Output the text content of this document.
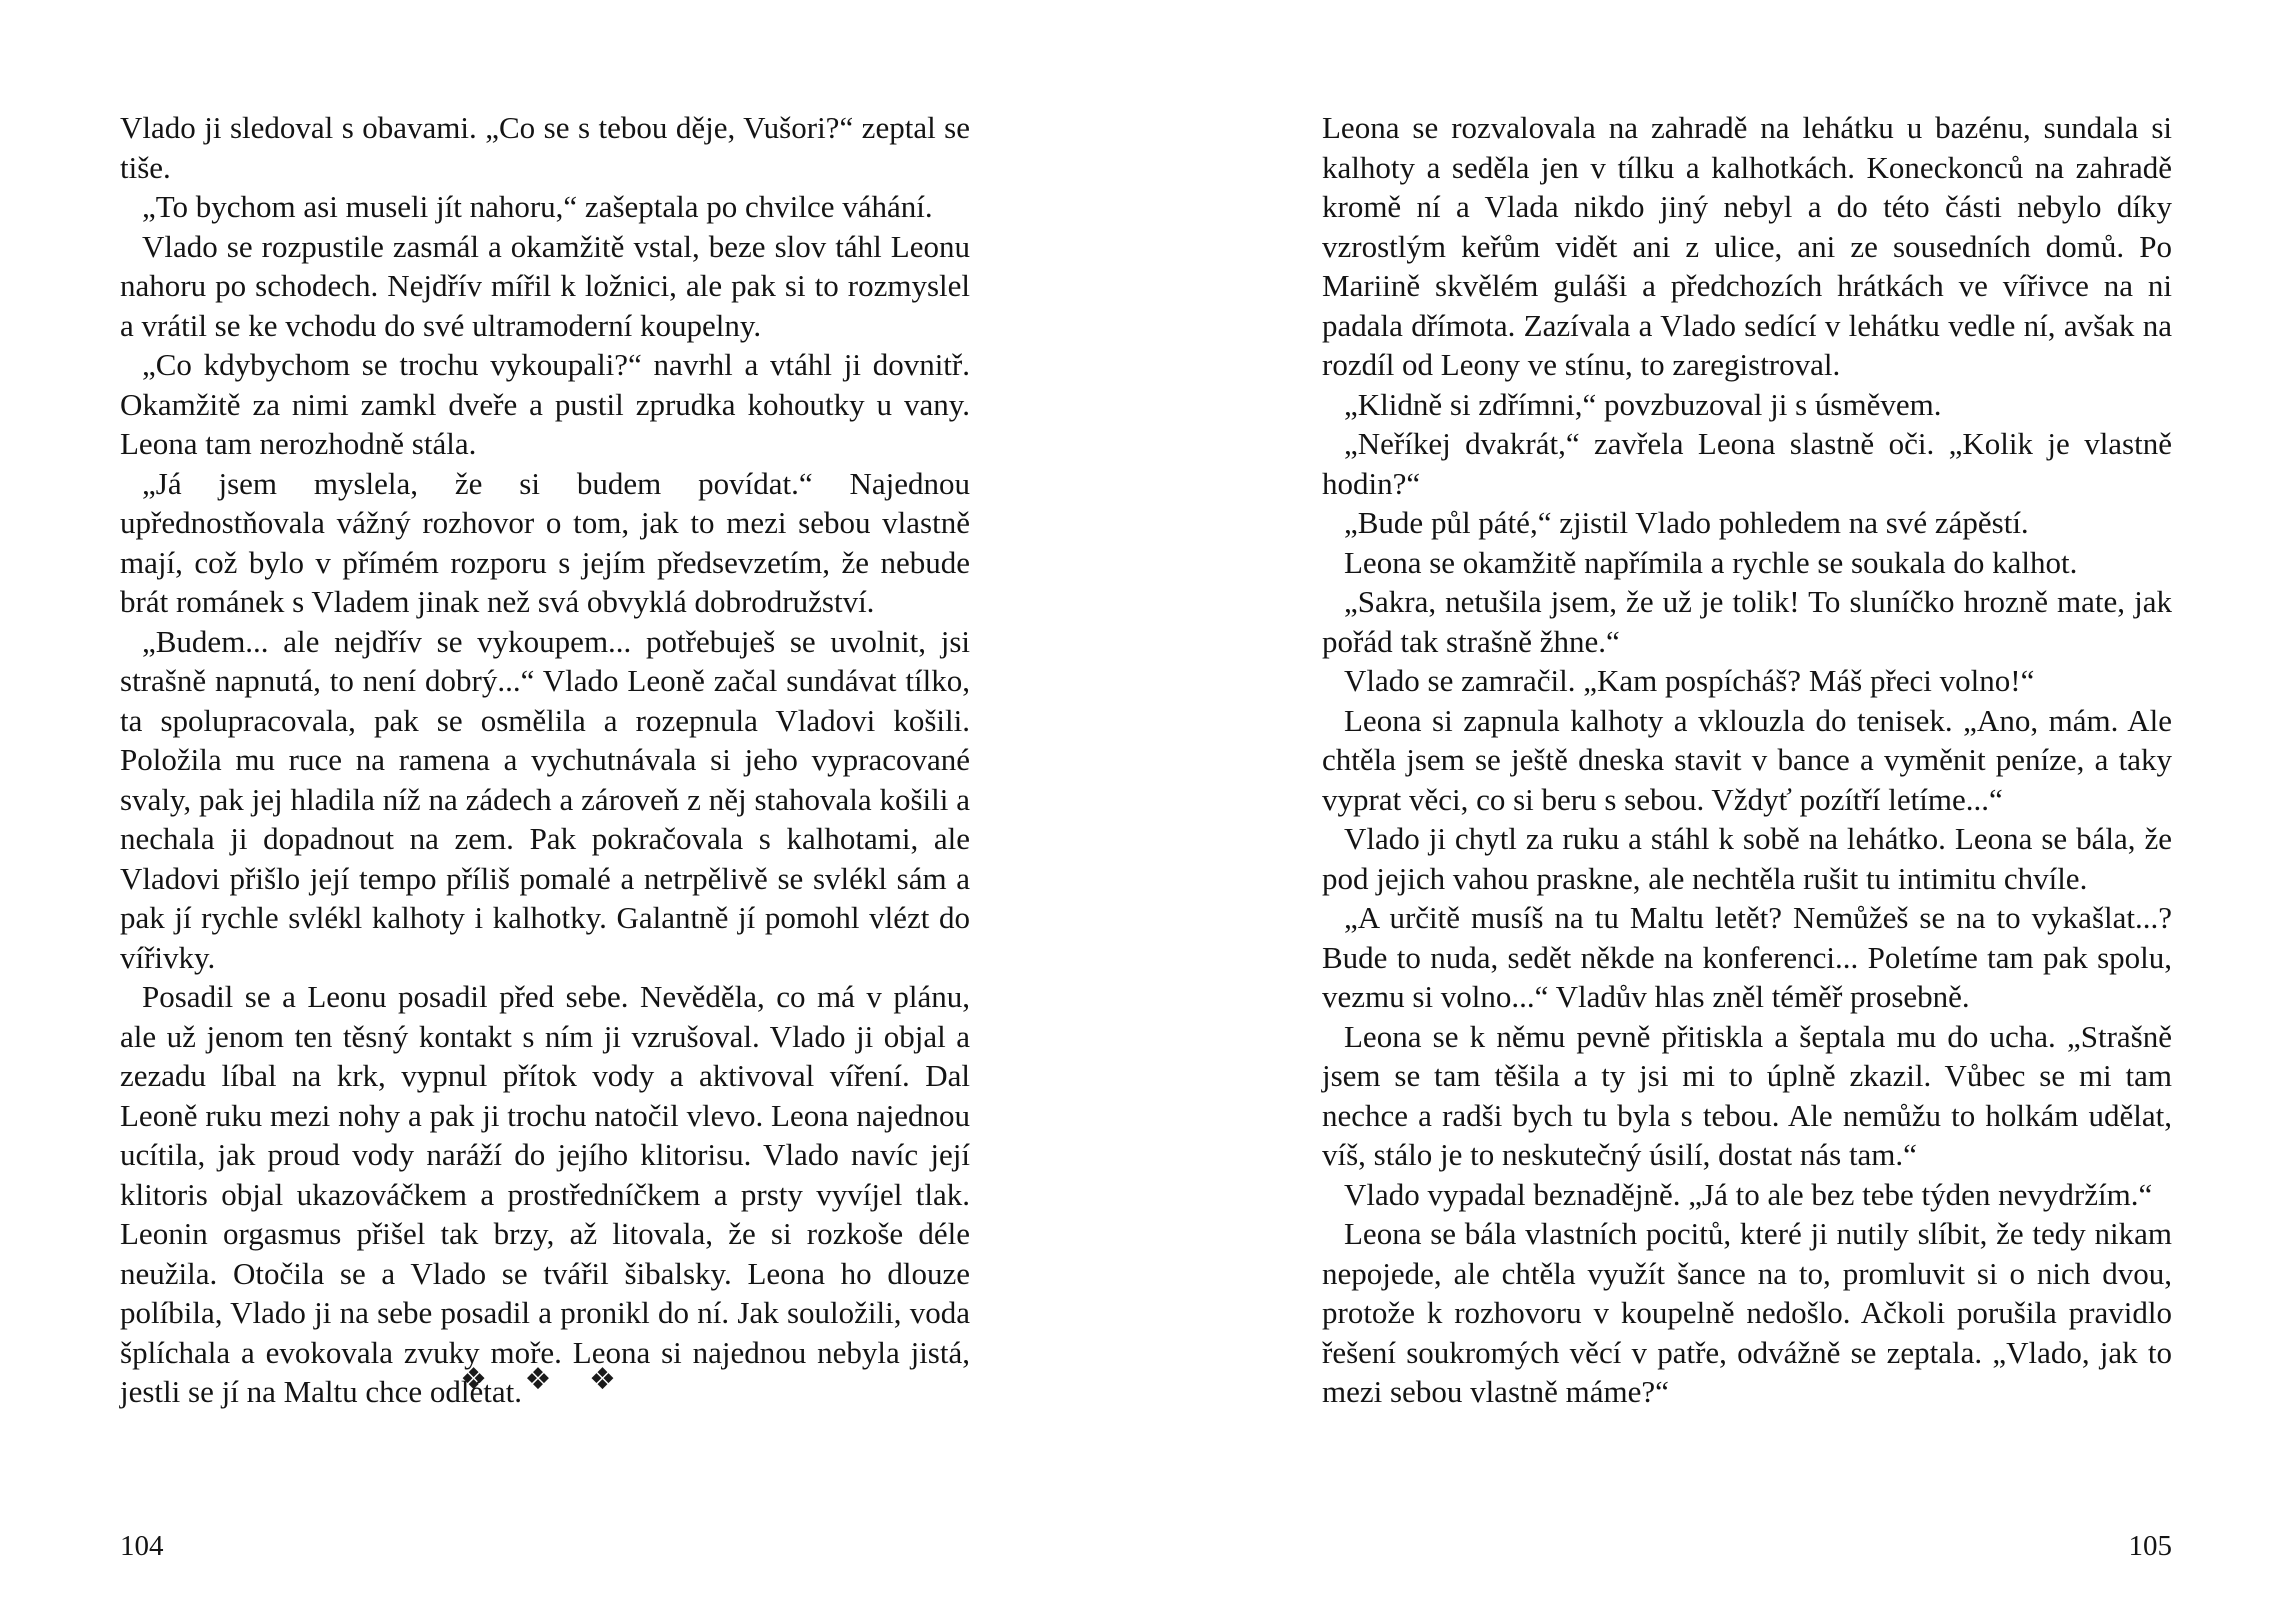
Vlado ji sledoval s obavami. „Co se s tebou děje, Vušori?“ zeptal se tiše.

„To bychom asi museli jít nahoru,“ zašeptala po chvilce váhání.

Vlado se rozpustile zasmál a okamžitě vstal, beze slov táhl Leonu nahoru po schodech. Nejdřív mířil k ložnici, ale pak si to rozmyslel a vrátil se ke vchodu do své ultramoderní koupelny.

„Co kdybychom se trochu vykoupali?“ navrhl a vtáhl ji dovnitř. Okamžitě za nimi zamkl dveře a pustil zprudka kohoutky u vany. Leona tam nerozhodně stála.

„Já jsem myslela, že si budem povídat.“ Najednou upřednostňovala vážný rozhovor o tom, jak to mezi sebou vlastně mají, což bylo v přímém rozporu s jejím předsevzetím, že nebude brát románek s Vladem jinak než svá obvyklá dobrodružství.

„Budem... ale nejdřív se vykoupem... potřebuješ se uvolnit, jsi strašně napnutá, to není dobrý...“ Vlado Leoně začal sundávat tílko, ta spolupracovala, pak se osmělila a rozepnula Vladovi košili. Položila mu ruce na ramena a vychutnávala si jeho vypracované svaly, pak jej hladila níž na zádech a zároveň z něj stahovala košili a nechala ji dopadnout na zem. Pak pokračovala s kalhotami, ale Vladovi přišlo její tempo příliš pomalé a netrpělivě se svlékl sám a pak jí rychle svlékl kalhoty i kalhotky. Galantně jí pomohl vlézt do vířivky.

Posadil se a Leonu posadil před sebe. Nevěděla, co má v plánu, ale už jenom ten těsný kontakt s ním ji vzrušoval. Vlado ji objal a zezadu líbal na krk, vypnul přítok vody a aktivoval víření. Dal Leoně ruku mezi nohy a pak ji trochu natočil vlevo. Leona najednou ucítila, jak proud vody naráží do jejího klitorisu. Vlado navíc její klitoris objal ukazováčkem a prostředníčkem a prsty vyvíjel tlak. Leonin orgasmus přišel tak brzy, až litovala, že si rozkoše déle neužila. Otočila se a Vlado se tvářil šibalsky. Leona ho dlouze políbila, Vlado ji na sebe posadil a pronikl do ní. Jak souložili, voda šplíchala a evokovala zvuky moře. Leona si najednou nebyla jistá, jestli se jí na Maltu chce odlétat.

❖ ❖ ❖
104

Leona se rozvalovala na zahradě na lehátku u bazénu, sundala si kalhoty a seděla jen v tílku a kalhotkách. Koneckonců na zahradě kromě ní a Vlada nikdo jiný nebyl a do této části nebylo díky vzrostlým keřům vidět ani z ulice, ani ze sousedních domů. Po Mariině skvělém guláši a předchozích hrátkách ve vířivce na ni padala dřímota. Zazívala a Vlado sedící v lehátku vedle ní, avšak na rozdíl od Leony ve stínu, to zaregistroval.

„Klidně si zdřímni,“ povzbuzoval ji s úsměvem.

„Neříkej dvakrát,“ zavřela Leona slastně oči. „Kolik je vlastně hodin?“

„Bude půl páté,“ zjistil Vlado pohledem na své zápěstí.

Leona se okamžitě napřímila a rychle se soukala do kalhot.

„Sakra, netušila jsem, že už je tolik! To sluníčko hrozně mate, jak pořád tak strašně žhne.“

Vlado se zamračil. „Kam pospícháš? Máš přeci volno!“

Leona si zapnula kalhoty a vklouzla do tenisek. „Ano, mám. Ale chtěla jsem se ještě dneska stavit v bance a vyměnit peníze, a taky vyprat věci, co si beru s sebou. Vždyť pozítří letíme...“

Vlado ji chytl za ruku a stáhl k sobě na lehátko. Leona se bála, že pod jejich vahou praskne, ale nechtěla rušit tu intimitu chvíle.

„A určitě musíš na tu Maltu letět? Nemůžeš se na to vykašlat...? Bude to nuda, sedět někde na konferenci... Poletíme tam pak spolu, vezmu si volno...“ Vladův hlas zněl téměř prosebně.

Leona se k němu pevně přitiskla a šeptala mu do ucha. „Strašně jsem se tam těšila a ty jsi mi to úplně zkazil. Vůbec se mi tam nechce a radši bych tu byla s tebou. Ale nemůžu to holkám udělat, víš, stálo je to neskutečný úsilí, dostat nás tam.“

Vlado vypadal beznadějně. „Já to ale bez tebe týden nevydržím.“

Leona se bála vlastních pocitů, které ji nutily slíbit, že tedy nikam nepojede, ale chtěla využít šance na to, promluvit si o nich dvou, protože k rozhovoru v koupelně nedošlo. Ačkoli porušila pravidlo řešení soukromých věcí v patře, odvážně se zeptala. „Vlado, jak to mezi sebou vlastně máme?“

105
